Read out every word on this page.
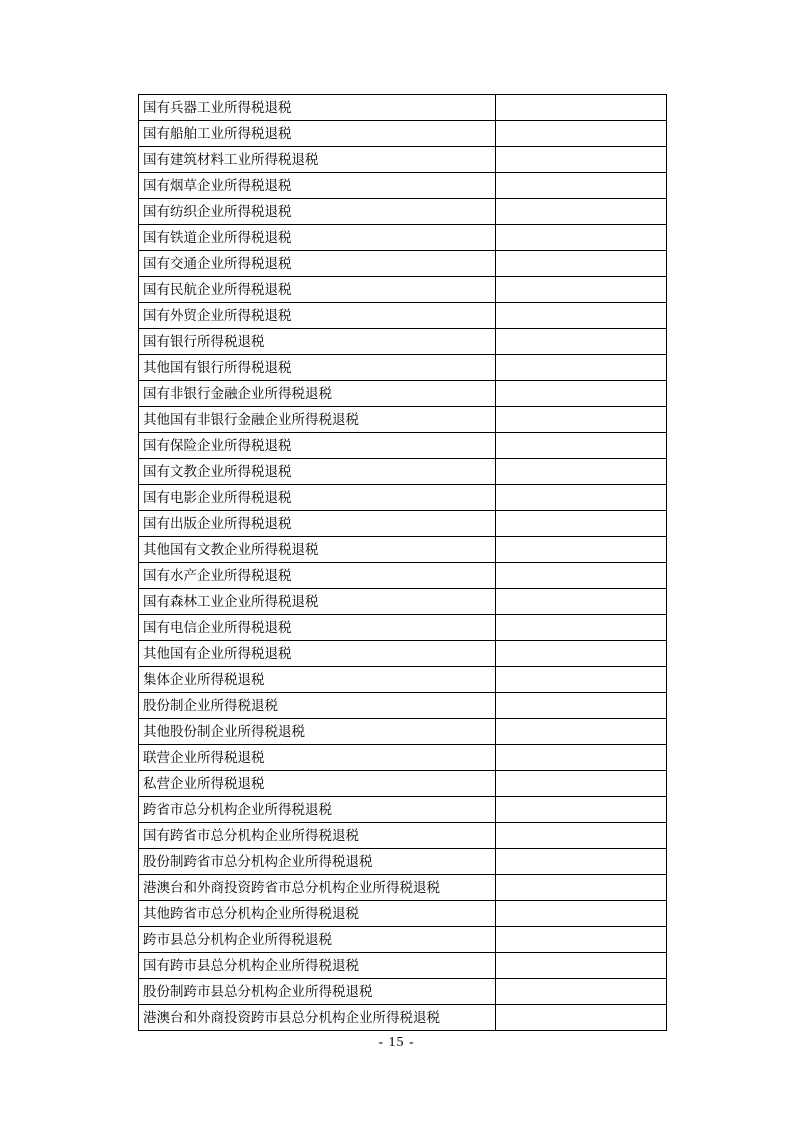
国有兵器工业所得税退税	
国有船舶工业所得税退税	
国有建筑材料工业所得税退税	
国有烟草企业所得税退税	
国有纺织企业所得税退税	
国有铁道企业所得税退税	
国有交通企业所得税退税	
国有民航企业所得税退税	
国有外贸企业所得税退税	
国有银行所得税退税	
其他国有银行所得税退税	
国有非银行金融企业所得税退税	
其他国有非银行金融企业所得税退税	
国有保险企业所得税退税	
国有文教企业所得税退税	
国有电影企业所得税退税	
国有出版企业所得税退税	
其他国有文教企业所得税退税	
国有水产企业所得税退税	
国有森林工业企业所得税退税	
国有电信企业所得税退税	
其他国有企业所得税退税	
集体企业所得税退税	
股份制企业所得税退税	
其他股份制企业所得税退税	
联营企业所得税退税	
私营企业所得税退税	
跨省市总分机构企业所得税退税	
国有跨省市总分机构企业所得税退税	
股份制跨省市总分机构企业所得税退税	
港澳台和外商投资跨省市总分机构企业所得税退税	
其他跨省市总分机构企业所得税退税	
跨市县总分机构企业所得税退税	
国有跨市县总分机构企业所得税退税	
股份制跨市县总分机构企业所得税退税	
港澳台和外商投资跨市县总分机构企业所得税退税	
- 15 -
